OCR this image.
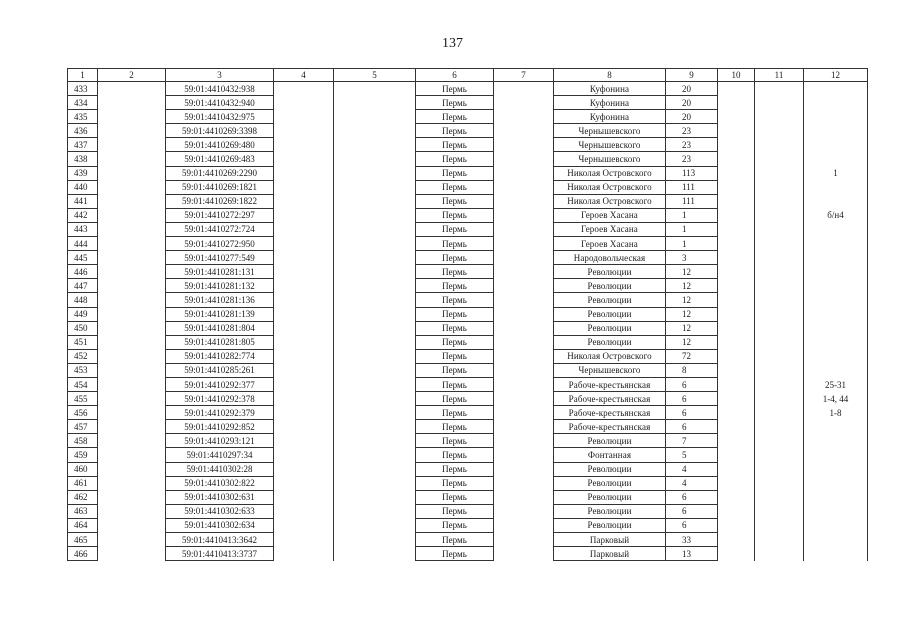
137
1	2	3	4	5	6	7	8	9	10	11	12
433		59:01:4410432:938			Пермь		Куфонина	20			
434		59:01:4410432:940			Пермь		Куфонина	20			
435		59:01:4410432:975			Пермь		Куфонина	20			
436		59:01:4410269:3398			Пермь		Чернышевского	23			
437		59:01:4410269:480			Пермь		Чернышевского	23			
438		59:01:4410269:483			Пермь		Чернышевского	23			
439		59:01:4410269:2290			Пермь		Николая Островского	113			1
440		59:01:4410269:1821			Пермь		Николая Островского	111			
441		59:01:4410269:1822			Пермь		Николая Островского	111			
442		59:01:4410272:297			Пермь		Героев Хасана	1			б/н4
443		59:01:4410272:724			Пермь		Героев Хасана	1			
444		59:01:4410272:950			Пермь		Героев Хасана	1			
445		59:01:4410277:549			Пермь		Народовольческая	3			
446		59:01:4410281:131			Пермь		Революции	12			
447		59:01:4410281:132			Пермь		Революции	12			
448		59:01:4410281:136			Пермь		Революции	12			
449		59:01:4410281:139			Пермь		Революции	12			
450		59:01:4410281:804			Пермь		Революции	12			
451		59:01:4410281:805			Пермь		Революции	12			
452		59:01:4410282:774			Пермь		Николая Островского	72			
453		59:01:4410285:261			Пермь		Чернышевского	8			
454		59:01:4410292:377			Пермь		Рабоче-крестьянская	6			25-31
455		59:01:4410292:378			Пермь		Рабоче-крестьянская	6			1-4, 44
456		59:01:4410292:379			Пермь		Рабоче-крестьянская	6			1-8
457		59:01:4410292:852			Пермь		Рабоче-крестьянская	6			
458		59:01:4410293:121			Пермь		Революции	7			
459		59:01:4410297:34			Пермь		Фонтанная	5			
460		59:01:4410302:28			Пермь		Революции	4			
461		59:01:4410302:822			Пермь		Революции	4			
462		59:01:4410302:631			Пермь		Революции	6			
463		59:01:4410302:633			Пермь		Революции	6			
464		59:01:4410302:634			Пермь		Революции	6			
465		59:01:4410413:3642			Пермь		Парковый	33			
466		59:01:4410413:3737			Пермь		Парковый	13			
